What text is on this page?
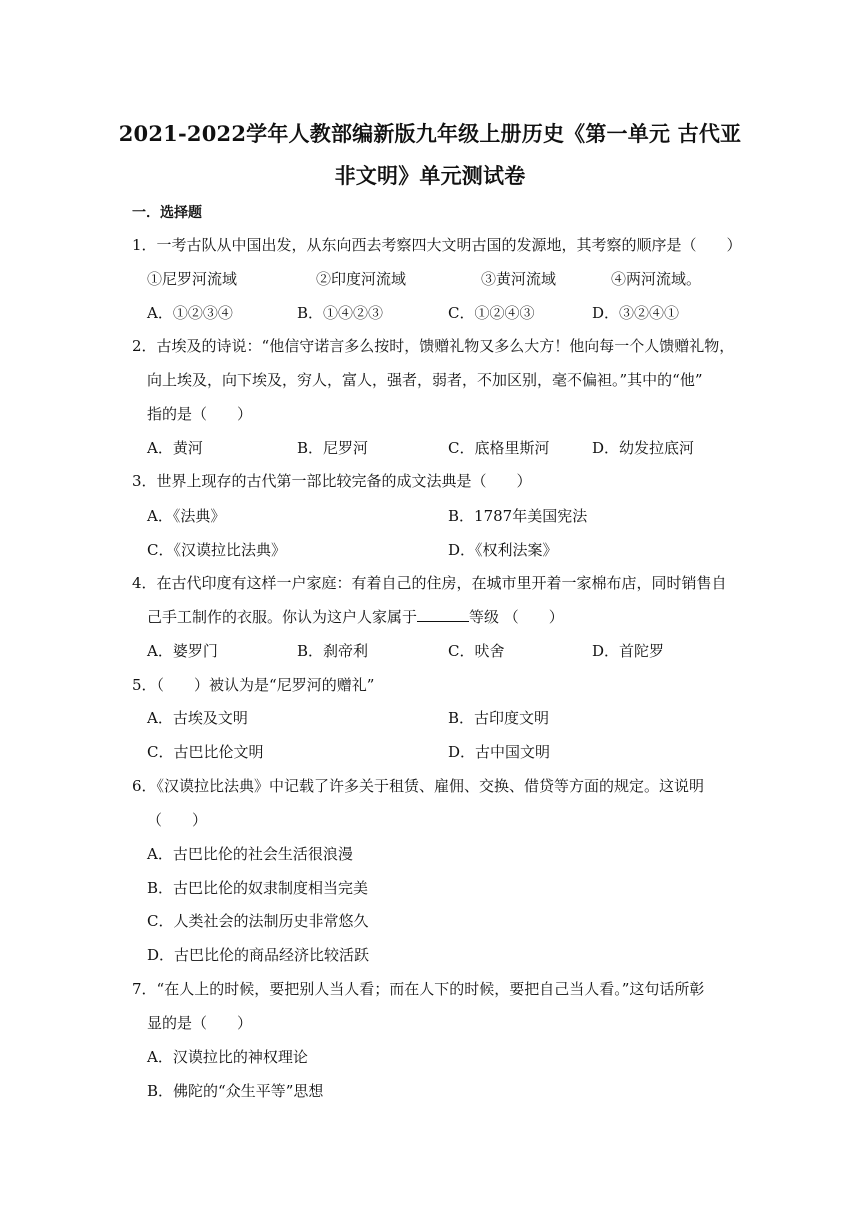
2021-2022学年人教部编新版九年级上册历史《第一单元 古代亚
非文明》单元测试卷
一．选择题
1．一考古队从中国出发，从东向西去考察四大文明古国的发源地，其考察的顺序是（　　）
①尼罗河流域	②印度河流域	③黄河流域	④两河流域。
A．①②③④	B．①④②③	C．①②④③	D．③②④①
2．古埃及的诗说：“他信守诺言多么按时，馈赠礼物又多么大方！他向每一个人馈赠礼物，
向上埃及，向下埃及，穷人，富人，强者，弱者，不加区别，毫不偏袒。”其中的“他”
指的是（　　）
A．黄河	B．尼罗河	C．底格里斯河	D．幼发拉底河
3．世界上现存的古代第一部比较完备的成文法典是（　　）
A．《法典》	B．1787年美国宪法
C．《汉谟拉比法典》	D．《权利法案》
4．在古代印度有这样一户家庭：有着自己的住房，在城市里开着一家棉布店，同时销售自
己手工制作的衣服。你认为这户人家属于	等级 （　　）
A．婆罗门	B．刹帝利	C．吠舍	D．首陀罗
5．（　　）被认为是“尼罗河的赠礼”
A．古埃及文明	B．古印度文明
C．古巴比伦文明	D．古中国文明
6．《汉谟拉比法典》中记载了许多关于租赁、雇佣、交换、借贷等方面的规定。这说明
（　　）
A．古巴比伦的社会生活很浪漫
B．古巴比伦的奴隶制度相当完美
C．人类社会的法制历史非常悠久
D．古巴比伦的商品经济比较活跃
7．“在人上的时候，要把别人当人看；而在人下的时候，要把自己当人看。”这句话所彰
显的是（　　）
A．汉谟拉比的神权理论
B．佛陀的“众生平等”思想
